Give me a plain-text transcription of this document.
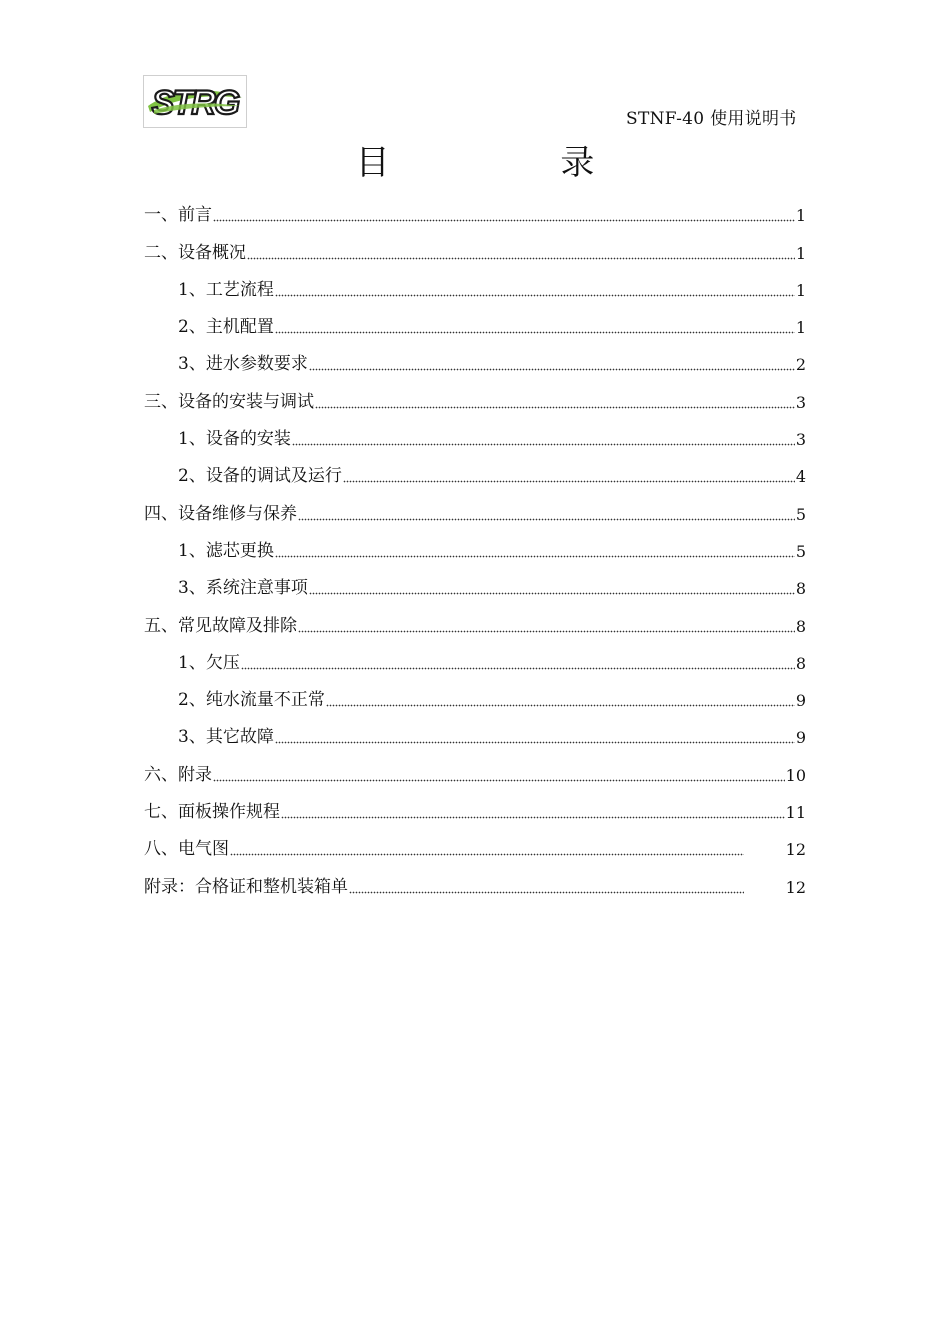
STRG	STNF-40 使用说明书
目 录
一、前言	1
二、设备概况	1
1、工艺流程	1
2、主机配置	1
3、进水参数要求	2
三、设备的安装与调试	3
1、设备的安装	3
2、设备的调试及运行	4
四、设备维修与保养	5
1、滤芯更换	5
3、系统注意事项	8
五、常见故障及排除	8
1、欠压	8
2、纯水流量不正常	9
3、其它故障	9
六、附录	10
七、面板操作规程	11
八、电气图	12
附录：合格证和整机装箱单	12
